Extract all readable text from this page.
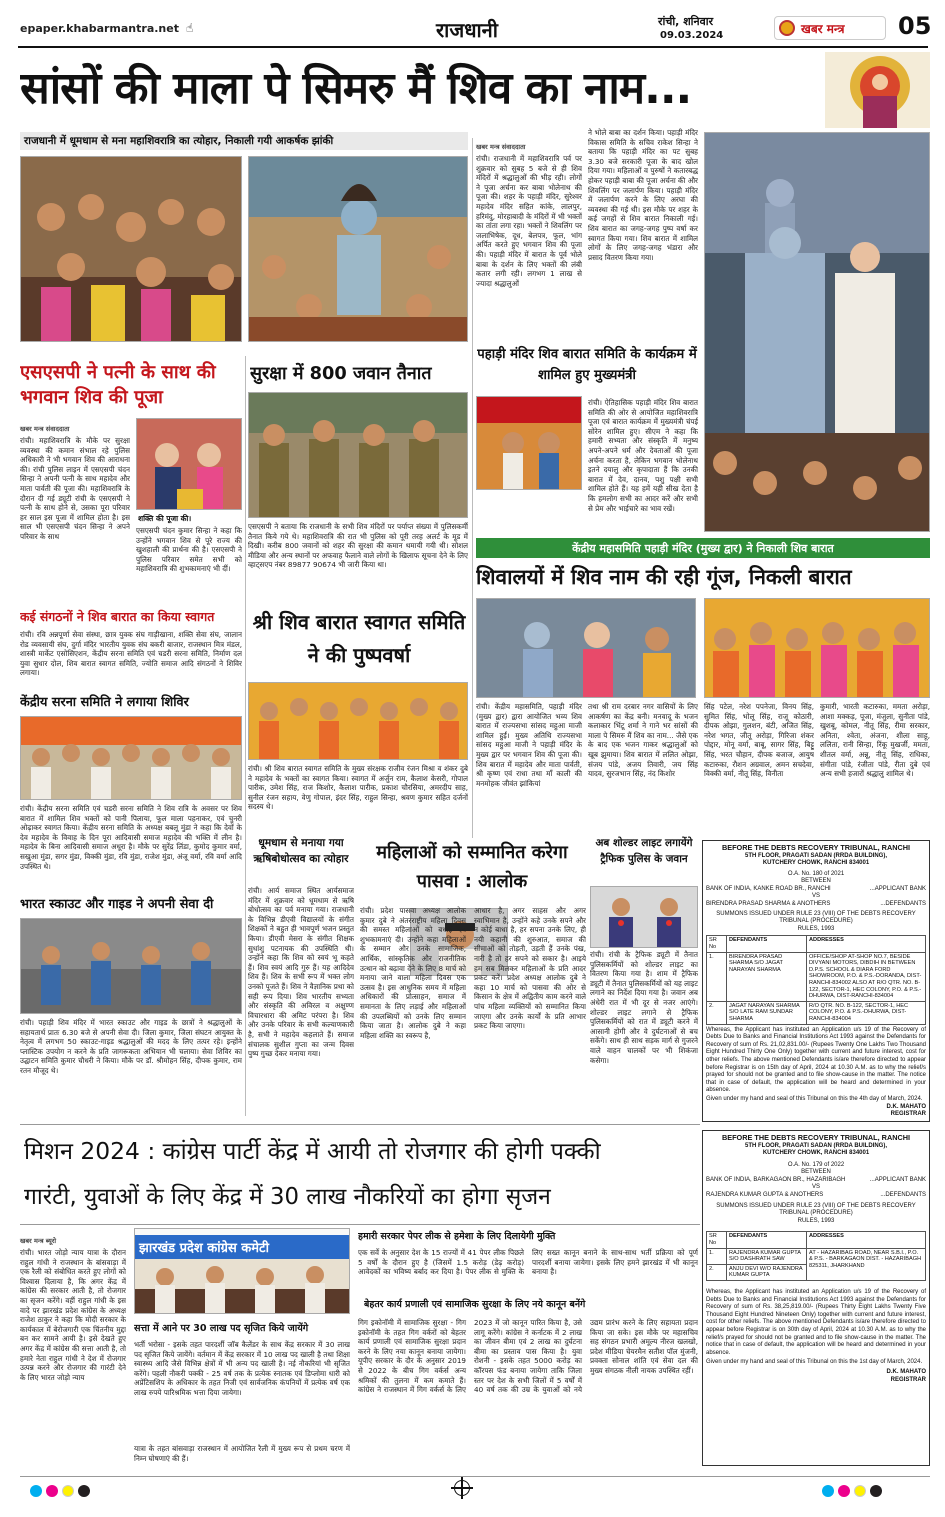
epaper.khabarmantra.net ☝	राजधानी	रांची, शनिवार
09.03.2024	खबर मन्त्र 05
सांसों की माला पे सिमरु मैं शिव का नाम...
राजधानी में धूमधाम से मना महाशिवरात्रि का त्योहार, निकाली गयी आकर्षक झांकी	खबर मन्त्र संवाददाता
रांची। राजधानी में महाशिवरात्रि पर्व पर शुक्रवार को सुबह 5 बजे से ही शिव मंदिरों में श्रद्धालुओं की भीड़ रही। लोगों ने पूजा अर्चना कर बाबा भोलेनाथ की पूजा की। शहर के पहाड़ी मंदिर, सुरेश्वर महादेव मंदिर सहित कांके, लालपुर, हरिमंदु, मोरहाबादी के मंदिरों में भी भक्तों का तांता लगा रहा। भक्तों ने शिवलिंग पर जलाभिषेक, दूध, बेलपत्र, फूल, भांग अर्पित करते हुए भगवान शिव की पूजा की। पहाड़ी मंदिर में बारात के पूर्व भोले बाबा के दर्शन के लिए भक्तों की लंबी कतार लगी रही। लगभग 1 लाख से ज्यादा श्रद्धालुओं
ने भोले बाबा का दर्शन किया। पहाड़ी मंदिर विकास समिति के सचिव राकेश सिन्हा ने बताया कि पहाड़ी मंदिर का पट सुबह 3.30 बजे सरकारी पूजा के बाद खोल दिया गया। महिलाओं व पुरुषों ने कतारबद्ध होकर पहाड़ी बाबा की पूजा अर्चना की और शिवलिंग पर जलार्पण किया। पहाड़ी मंदिर में जलार्पण करने के लिए अरघा की व्यवस्था की गई थी। इस मौके पर शहर के कई जगहों से शिव बारात निकाली गई। शिव बारात का जगह-जगह पुष्प वर्षा कर स्वागत किया गया। शिव बारात में शामिल लोगों के लिए जगह-जगह भंडारा और प्रसाद वितरण किया गया।
एसएसपी ने पत्नी के साथ की भगवान शिव की पूजा
खबर मन्त्र संवाददाता
रांची। महाशिवरात्रि के मौके पर सुरक्षा व्यवस्था की कमान संभाल रहे पुलिस अधिकारी ने भी भगवान शिव की आराधना की। रांची पुलिस लाइन में एसएसपी चंदन सिन्हा ने अपनी पत्नी के साथ महादेव और माता पार्वती की पूजा की। महाशिवरात्रि के दौरान दी गई ड्यूटी रांची के एसएसपी ने पत्नी के साथ होने से, उसका पूरा परिवार हर साल इस पूजा में शामिल होता है। इस साल भी एसएसपी चंदन सिन्हा ने अपने परिवार के साथ
शक्ति की पूजा की।
एसएसपी चंदन कुमार सिन्हा ने कहा कि उन्होंने भगवान शिव से पूरे राज्य की खुशहाली की प्रार्थना की है। एसएसपी ने पुलिस परिवार समेत सभी को महाशिवरात्रि की शुभकामनाएं भी दीं।
सुरक्षा में 800 जवान तैनात
एसएसपी ने बताया कि राजधानी के सभी शिव मंदिरों पर पर्याप्त संख्या में पुलिसकर्मी तैनात किये गये थे। महाशिवरात्रि की रात भी पुलिस को पूरी तरह अलर्ट के मूड में दिखी। करीब 800 जवानों को शहर की सुरक्षा की कमान थमायी गयी थी। सोशल मीडिया और अन्य स्थानों पर अफवाह फैलाने वाले लोगों के खिलाफ सूचना देने के लिए व्हाट्सएप नंबर 89877 90674 भी जारी किया था।
पहाड़ी मंदिर शिव बारात समिति के कार्यक्रम में शामिल हुए मुख्यमंत्री
रांची। ऐतिहासिक पहाड़ी मंदिर शिव बारात समिति की ओर से आयोजित महाशिवरात्रि पूजा एवं बारात कार्यक्रम में मुख्यमंत्री चंपई सोरेन शामिल हुए। सीएम ने कहा कि हमारी सभ्यता और संस्कृति में मनुष्य अपने-अपने धर्म और देवताओं की पूजा अर्चना करता है, लेकिन भगवान भोलेनाथ इतने दयालु और कृपादाता हैं कि उनकी बारात में देव, दानव, पशु पक्षी सभी शामिल होते हैं। यह हमें यही सीख देता है कि हमलोग सभी का आदर करें और सभी से प्रेम और भाईचारे का भाव रखें।
केंद्रीय महासमिति पहाड़ी मंदिर (मुख्य द्वार) ने निकाली शिव बारात
शिवालयों में शिव नाम की रही गूंज, निकली बारात
रांची। केंद्रीय महासमिति, पहाड़ी मंदिर (मुख्य द्वार) द्वारा आयोजित भव्य शिव बारात में राज्यसभा सांसद महुआ माजी शामिल हुईं। मुख्य अतिथि राज्यसभा सांसद महुआ माजी ने पहाड़ी मंदिर के मुख्य द्वार पर भगवान शिव की पूजा की। शिव बारात में महादेव और माता पार्वती, श्री कृष्ण एवं राधा तथा माँ काली की मनमोहक जीवंत झांकियां
तथा श्री राम दरबार नगर वासियों के लिए आकर्षण का केंद्र बनी। मनवादू के भजन कलाकार भिंटू शर्मा ने गाने भर सांसों की माला पे सिमरु मैं शिव का नाम... जैसे एक के बाद एक भजन गाकर श्रद्धालुओं को खूब झुमाया। शिव बारात में ललित ओझा, संजय पांडे, अजय तिवारी, जय सिंह यादव, सुरजभान सिंह, नंद किशोर
सिंह पटेल, नरेश पपनेजा, विनय सिंह, सुमित सिंह, भोलू सिंह, राजू कोठारी, दीपक ओझा, गुलशन, बंटी, अजित सिंह, नरेश भगत, जीतू अरोड़ा, गिरिजा शंकर पोद्दार, मोनू वर्मा, बाबू, सागर सिंह, बिट्टू सिंह, भरत चौहान, दीपक बजाज, आयुष कटारुका, रौशन अग्रवाल, अमन सचदेवा, विक्की वर्मा, नीतू सिंह, विनीता
कुमारी, भारती कटारुका, ममता अरोड़ा, आशा मक्कड़, पूजा, मंजुला, सुनीता पांडे, खुशबू, कोमल, नीतू सिंह, रीमा सरकार, अनिता, श्वेता, अंजना, शीला साहू, ललिता, रानी सिन्हा, रिंकू मुखर्जी, ममता, शीतल वर्मा, अन्नू, नीतू सिंह, राधिका, संगीता पांडे, रंजीता पांडे, रीता दुबे एवं अन्य सभी हजारों श्रद्धालु शामिल थे।
कई संगठनों ने शिव बारात का किया स्वागत
रांची। रवि अन्नपूर्णा सेवा संस्था, छात्र युवक संघ गाड़ीखाना, शक्ति सेवा संघ, जालान रोड व्यवसायी संघ, दुर्गा मंदिर भारतीय युवक संघ बकरी बाजार, राजस्थान मित्र मंडल, शास्त्री मार्केट एसोसिएशन, केंद्रीय सरना समिति एवं चडरी सरना समिति, निर्माण दल युवा सुधार दोल, शिव बारात स्वागत समिति, ज्योति समाज आदि संगठनों ने शिविर लगाया।
केंद्रीय सरना समिति ने लगाया शिविर
रांची। केंद्रीय सरना समिति एवं चडरी सरना समिति ने शिव रात्रि के अवसर पर शिव बारात में शामिल शिव भक्तों को पानी पिलाया, फूल माला पहनाकर, एवं चुनरी ओढ़ाकर स्वागत किया। केंद्रीय सरना समिति के अध्यक्ष बबलू मुंडा ने कहा कि देवों के देव महादेव के विवाह के दिन पूरा आदिवासी समाज महादेव की भक्ति में लीन है। महादेव के बिना आदिवासी समाज अधूरा है। मौके पर सुरेंद्र लिंडा, कुमोद कुमार वर्मा, सखुआ मुंडा, सगर मुंडा, विक्की मुंडा, रवि मुंडा, राजेश मुंडा, अंजू वर्मा, रवि वर्मा आदि उपस्थित थे।
भारत स्काउट और गाइड ने अपनी सेवा दी
रांची। पहाड़ी शिव मंदिर में भारत स्काउट और गाइड के छात्रों ने श्रद्धालुओं के सहायतार्थ प्रातः 6.30 बजे से अपनी सेवा दी। जिला कुमार, जिला संघटन आयुक्त के नेतृत्व में लगभग 50 स्काउट-गाइड श्रद्धालुओं की मदद के लिए तत्पर रहे। इन्होंने प्लास्टिक उपयोग न करने के प्रति जागरूकता अभियान भी चलाया। सेवा शिविर का उद्घाटन समिति कुमार चौधरी ने किया। मौके पर डॉ. श्रीमोहन सिंह, दीपक कुमार, राम रतन मौजूद थे।
श्री शिव बारात स्वागत समिति ने की पुष्पवर्षा
रांची। श्री शिव बारात स्वागत समिति के मुख्य संरक्षक राजीव रंजन मिश्रा व शंकर दुबे ने महादेव के भक्तों का स्वागत किया। स्वागत में अर्जुन राम, कैलाश केसरी, गोपाल पारीक, उमेश सिंह, राज किशोर, कैलाश पारीक, प्रकाश चौरसिया, अमरदीप साह, सुनील रंजन सहाय, वेणु गोपाल, इंदर सिंह, राहुल सिन्हा, श्रवण कुमार सहित दर्जनों सदस्य थे।
धूमधाम से मनाया गया ऋषिबोधोत्सव का त्योहार
रांची। आर्य समाज स्थित आर्यसमाज मंदिर में शुक्रवार को धूमधाम से ऋषि बोधोत्सव का पर्व मनाया गया। राजधानी के विभिन्न डीएवी विद्यालयों के संगीत शिक्षकों ने बहुत ही भावपूर्ण भजन प्रस्तुत किया। डीएवी मेसरा के संगीत शिक्षक सुधांशु पटनायक की उपस्थिति थी। उन्होंने कहा कि शिव को स्वयं भू कहते हैं। शिव स्वयं आदि गुरु हैं। यह आदिदेव शिव हैं। शिव के सभी रूप में भक्त लोग उनको पूजते हैं। शिव ने वैज्ञानिक प्रथा को सही रूप दिया। शिव भारतीय सभ्यता और संस्कृति की अविरल व अक्षुण्ण विचारधारा की अमिट परंपरा है। शिव और उनके परिवार के सभी कल्याणकारी है, सभी ने महादेव कहलाते हैं। समाज संचालक सुशील गुप्ता का जन्म दिवस पुष्प गुच्छ देकर मनाया गया।
महिलाओं को सम्मानित करेगा पासवा : आलोक
रांची। प्रदेश पासवा अध्यक्ष आलोक कुमार दुबे ने अंतरराष्ट्रीय महिला दिवस की समस्त महिलाओं को बधाई एवं शुभकामनाएं दी। उन्होंने कहा महिलाओं के सम्मान और उनके सामाजिक, आर्थिक, सांस्कृतिक और राजनीतिक उत्थान को बढ़ावा देने के लिए 8 मार्च को मनाया जाने वाला महिला दिवस एक उत्सव है। इस आधुनिक समय में महिला अधिकारों की प्रोत्साहन, समाज में समानता के लिए लड़ाई और महिलाओं की उपलब्धियों को उनके लिए सम्मान किया जाता है। आलोक दुबे ने कहा महिला शक्ति का स्वरूप है,
आधार है, अगर साहस और अगर स्वाभिमान है, उन्होंने कहे उनके सपने और न कोई बाधा है, हर सपना उनके लिए, ही नयी कहानी की शुरुआत, समाज की सीमाओं को तोड़ती, उड़ती हैं उनके पंख, नारी है तो हर सपने को सकार है। आइये हम सब मिलकर महिलाओं के प्रति आदर प्रकट करें। प्रदेश अध्यक्ष आलोक दुबे ने कहा 10 मार्च को पासवा की ओर से किसान के क्षेत्र में अद्वितीय काम करने वाले पांच महिला व्यक्तियों को सम्मानित किया जाएगा और उनके कार्यों के प्रति आभार प्रकट किया जाएगा।
अब शोल्डर लाइट लगायेंगे ट्रैफिक पुलिस के जवान
रांची। रांची के ट्रैफिक ड्यूटी में तैनात पुलिसकर्मियों को शोल्डर लाइट का वितरण किया गया है। शाम में ट्रैफिक ड्यूटी में तैनात पुलिसकर्मियों को यह लाइट लगाने का निर्देश दिया गया है। जवान अब अंधेरी रात में भी दूर से नजर आएंगे। शोल्डर लाइट लगाने से ट्रैफिक पुलिसकर्मियों को रात में ड्यूटी करने में आसानी होगी और वे दुर्घटनाओं से बच सकेंगे। साथ ही साथ सड़क मार्ग से गुजरने वाले वाहन चालकों पर भी शिकंजा कसेगा।
BEFORE THE DEBTS RECOVERY TRIBUNAL, RANCHI
5TH FLOOR, PRAGATI SADAN (RRDA BUILDING),
KUTCHERY CHOWK, RANCHI 834001
O.A. No. 180 of 2021
BETWEEN
BANK OF INDIA, KANKE ROAD BR., RANCHI	...APPLICANT BANK
VS
BIRENDRA PRASAD SHARMA & ANOTHERS	...DEFENDANTS
SUMMONS ISSUED UNDER RULE 23 (VIII) OF THE DEBTS RECOVERY TRIBUNAL (PROCEDURE)
RULES, 1993
SR No	DEFENDANTS	ADDRESSES
1.	BIRENDRA PRASAD SHARMA S/O JAGAT NARAYAN SHARMA	OFFICE/SHOP AT-SHOP NO.7, BESIDE DIVYANI MOTORS, DIBDIH IN BETWEEN D.P.S. SCHOOL & DIARA FORD SHOWROOM, P.O. & P.S.-DORANDA, DIST-RANCHI-834002 ALSO AT R/O QTR. NO. B-122, SECTOR-1, HEC COLONY, P.O. & P.S.-DHURWA, DIST-RANCHI-834004
2.	JAGAT NARAYAN SHARMA S/O LATE RAM SUNDAR SHARMA	R/O QTR. NO. B-122, SECTOR-1, HEC COLONY, P.O. & P.S.-DHURWA, DIST-RANCHI-834004
Whereas, the Applicant has instituted an Application u/s 19 of the Recovery of Debts Due to Banks and Financial Institutions Act 1993 against the Defendants for Recovery of sum of Rs. 21,02,831.00/- (Rupees Twenty One Lakhs Two Thousand Eight Hundred Thirty One Only) together with current and future interest, cost for other reliefs. The above mentioned Defendants is/are therefore directed to appear before Registrar is on 15th day of April, 2024 at 10.30 A.M. as to why the relief/s prayed for should not be granted and to file show-cause in the matter. The notice that in case of default, the application will be heard and determined in your absence.
Given under my hand and seal of this Tribunal on this the 4th day of March, 2024.
D.K. MAHATO
REGISTRAR
मिशन 2024 : कांग्रेस पार्टी केंद्र में आयी तो रोजगार की होगी पक्की
गारंटी, युवाओं के लिए केंद्र में 30 लाख नौकरियों का होगा सृजन
खबर मन्त्र ब्यूरो
रांची। भारत जोड़ो न्याय यात्रा के दौरान राहुल गांधी ने राजस्थान के बांसवाड़ा में एक रैली को संबोधित करते हुए लोगों को विश्वास दिलाया है, कि अगर केंद्र में कांग्रेस की सरकार आती है, तो रोजगार का सृजन करेंगे। वहीं राहुल गांधी के इस वादे पर झारखंड प्रदेश कांग्रेस के अध्यक्ष राजेश ठाकुर ने कहा कि मोदी सरकार के कार्यकाल में बेरोजगारी एक चिंतनीय मुद्दा बन कर सामने आयी है। इसे देखते हुए अगर केंद्र में कांग्रेस की सत्ता आती है, तो हमारे नेता राहुल गांधी ने देश में रोजगार उत्पन्न करने और रोजगार की गारंटी देने के लिए भारत जोड़ो न्याय
झारखंड प्रदेश कांग्रेस कमेटी
सत्ता में आने पर 30 लाख पद सृजित किये जायेंगे
भर्ती भरोसा - इसके तहत पारदर्शी जॉब कैलेंडर के साथ केंद्र सरकार में 30 लाख पद सृजित किये जायेंगे। वर्तमान में केंद्र सरकार में 10 लाख पद खाली है तथा शिक्षा स्वास्थ्य आदि जैसे विभिन्न क्षेत्रों में भी अन्य पद खाली है। नई नौकरियां भी सृजित करेंगे। पहली नौकरी पक्की - 25 वर्ष तक के प्रत्येक स्नातक एवं डिप्लोमा धारी को अप्रेंटिसशिप के अधिकार के तहत निजी एवं सार्वजनिक कंपनियों में प्रत्येक वर्ष एक लाख रुपये पारिश्रमिक भत्ता दिया जायेगा।
यात्रा के तहत बांसवाड़ा राजस्थान में आयोजित रैली में मुख्य रूप से प्रथम चरण में निम्न घोषणाएं की हैं।
हमारी सरकार पेपर लीक से हमेशा के लिए दिलायेगी मुक्ति
एक सर्वे के अनुसार देश के 15 राज्यों में 41 पेपर लीक पिछले 5 वर्षों के दौरान हुए है (जिसमें 1.5 करोड़ (डेढ़ करोड़) आवेदकों का भविष्य बर्बाद कर दिया है। पेपर लीक से मुक्ति के लिए सख्त कानून बनाने के साथ-साथ भर्ती प्रक्रिया को पूर्ण पारदर्शी बनाया जायेगा। इसके लिए हमने झारखंड में भी कानून बनाया है।
बेहतर कार्य प्रणाली एवं सामाजिक सुरक्षा के लिए नये कानून बनेंगे
गिग इकोनॉमी में सामाजिक सुरक्षा - गिग इकोनॉमी के तहत गिग वर्करों को बेहतर कार्य प्रणाली एवं सामाजिक सुरक्षा प्रदान करने के लिए नया कानून बनाया जायेगा। यूपीए सरकार के दौर के अनुसार 2019 से 2022 के बीच गिग वर्कर्स अन्य श्रमिकों की तुलना में कम कमाते हैं। कांग्रेस ने राजस्थान में गिग वर्कर्स के लिए 2023 में जो कानून पारित किया है, उसे लागू करेंगे। कांग्रेस ने कर्नाटक में 2 लाख का जीवन बीमा एवं 2 लाख का दुर्घटना बीमा का प्रस्ताव पास किया है। युवा रोशनी - इसके तहत 5000 करोड़ का कॉरपस फंड बनाया जायेगा ताकि जिला स्तर पर देश के सभी जिलों में 5 वर्षों में 40 वर्ष तक की उम्र के युवाओं को नये उद्यम प्रारंभ करने के लिए सहायता प्रदान किया जा सके। इस मौके पर महासचिव सह संगठन प्रभारी अमूल्य नीरज खलखो, प्रदेश मीडिया चेयरमैन सतीश पॉल मुंजनी, प्रवक्ता सोनाल शांति एवं सेवा दल की मुख्य संगठक नीली नायक उपस्थित रहीं।
BEFORE THE DEBTS RECOVERY TRIBUNAL, RANCHI
5TH FLOOR, PRAGATI SADAN (RRDA BUILDING),
KUTCHERY CHOWK, RANCHI 834001
O.A. No. 179 of 2022
BETWEEN
BANK OF INDIA, BARKAGAON BR., HAZARIBAGH	...APPLICANT BANK
VS
RAJENDRA KUMAR GUPTA & ANOTHERS	...DEFENDANTS
SUMMONS ISSUED UNDER RULE 23 (VIII) OF THE DEBTS RECOVERY TRIBUNAL (PROCEDURE)
RULES, 1993
SR No	DEFENDANTS	ADDRESSES
1.	RAJENDRA KUMAR GUPTA S/O DASHRATH SAW	AT - HAZARIBAG ROAD, NEAR S.B.I., P.O. & P.S. - BARKAGAON DIST. - HAZARIBAGH 825311, JHARKHAND
2.	ANJU DEVI W/O RAJENDRA KUMAR GUPTA	
Whereas, the Applicant has instituted an Application u/s 19 of the Recovery of Debts Due to Banks and Financial Institutions Act 1993 against the Defendants for Recovery of sum of Rs. 38,25,819.00/- (Rupees Thirty Eight Lakhs Twenty Five Thousand Eight Hundred Nineteen Only) together with current and future interest, cost for other reliefs. The above mentioned Defendants is/are therefore directed to appear before Registrar is on 30th day of April, 2024 at 10.30 A.M. as to why the relief/s prayed for should not be granted and to file show-cause in the matter. The notice that in case of default, the application will be heard and determined in your absence.
Given under my hand and seal of this Tribunal on this the 1st day of March, 2024.
D.K. MAHATO
REGISTRAR
